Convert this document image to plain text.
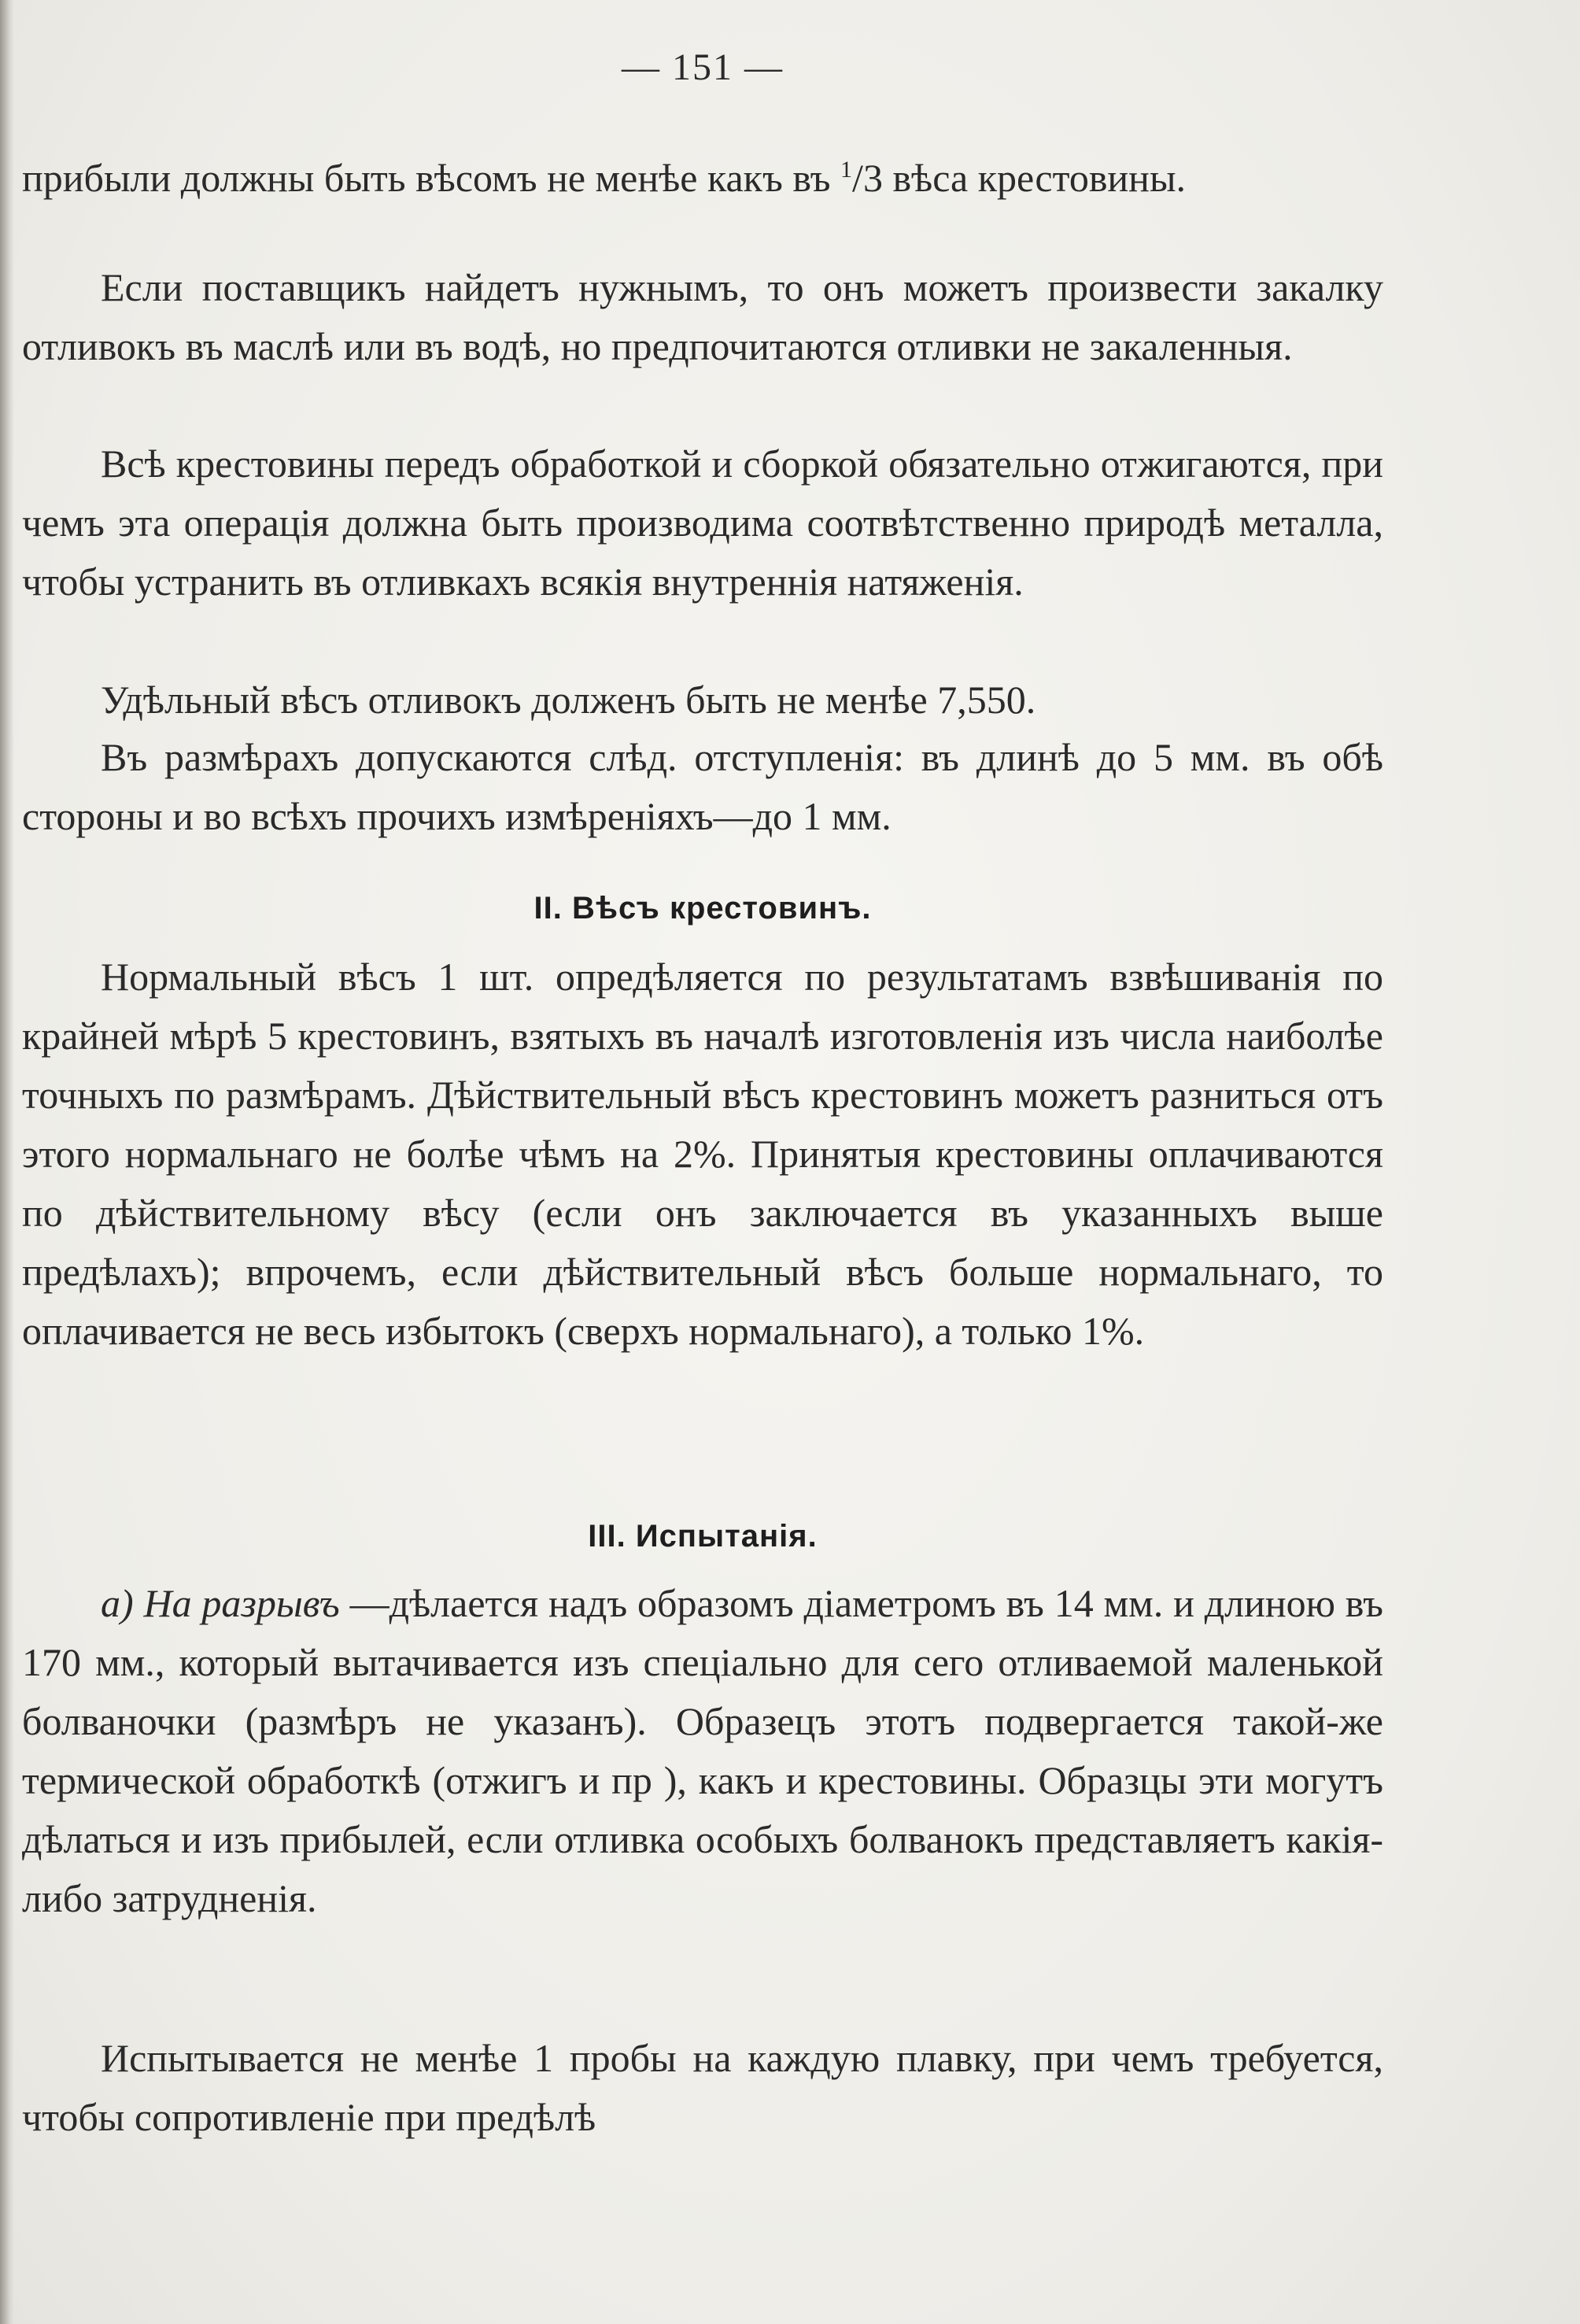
— 151 —

прибыли должны быть вѣсомъ не менѣе какъ въ $^1$/3 вѣса крестовины.

Если поставщикъ найдетъ нужнымъ, то онъ можетъ произвести закалку отливокъ въ маслѣ или въ водѣ, но предпочитаются отливки не закаленныя.

Всѣ крестовины передъ обработкой и сборкой обязательно отжигаются, при чемъ эта операція должна быть производима соотвѣтственно природѣ металла, чтобы устранить въ отливкахъ всякія внутреннія натяженія.

Удѣльный вѣсъ отливокъ долженъ быть не менѣе 7,550.

Въ размѣрахъ допускаются слѣд. отступленія: въ длинѣ до 5 мм. въ обѣ стороны и во всѣхъ прочихъ измѣреніяхъ—до 1 мм.

II. Вѣсъ крестовинъ.

Нормальный вѣсъ 1 шт. опредѣляется по результатамъ взвѣшиванія по крайней мѣрѣ 5 крестовинъ, взятыхъ въ началѣ изготовленія изъ числа наиболѣе точныхъ по размѣрамъ. Дѣйствительный вѣсъ крестовинъ можетъ разниться отъ этого нормальнаго не болѣе чѣмъ на 2%. Принятыя крестовины оплачиваются по дѣйствительному вѣсу (если онъ заключается въ указанныхъ выше предѣлахъ); впрочемъ, если дѣйствительный вѣсъ больше нормальнаго, то оплачивается не весь избытокъ (сверхъ нормальнаго), а только 1%.

III. Испытанія.

а) На разрывъ —дѣлается надъ образомъ діаметромъ въ 14 мм. и длиною въ 170 мм., который вытачивается изъ спеціально для сего отливаемой маленькой болваночки (размѣръ не указанъ). Образецъ этотъ подвергается такой-же термической обработкѣ (отжигъ и пр ), какъ и крестовины. Образцы эти могутъ дѣлаться и изъ прибылей, если отливка особыхъ болванокъ представляетъ какія-либо затрудненія.

Испытывается не менѣе 1 пробы на каждую плавку, при чемъ требуется, чтобы сопротивленіе при предѣлѣ
